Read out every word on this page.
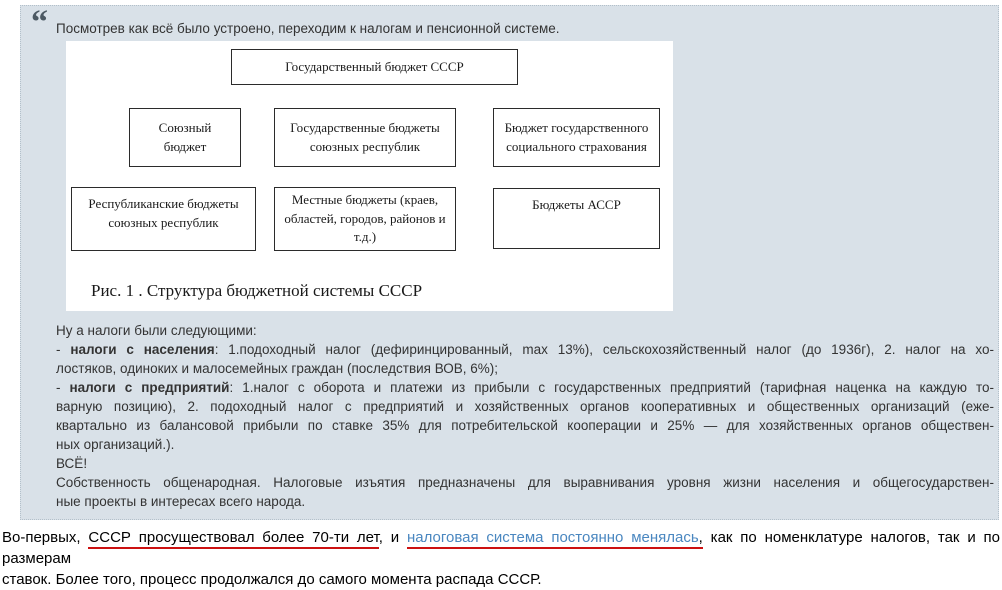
“ Посмотрев как всё было устроено, переходим к налогам и пенсионной системе.
Государственный бюджет СССР
Союзный бюджет
Государственные бюджеты союзных республик
Бюджет государственного социального страхования
Республиканские бюджеты союзных республик
Местные бюджеты (краев, областей, городов, районов и т.д.)
Бюджеты АССР
Рис. 1 . Структура бюджетной системы СССР
Ну а налоги были следующими:
- налоги с населения: 1.подоходный налог (дефиринцированный, max 13%), сельскохозяйственный налог (до 1936г), 2. налог на хо-
лостяков, одиноких и малосемейных граждан (последствия ВОВ, 6%);
- налоги с предприятий: 1.налог с оборота и платежи из прибыли с государственных предприятий (тарифная наценка на каждую то-
варную позицию), 2. подоходный налог с предприятий и хозяйственных органов кооперативных и общественных организаций (еже-
квартально из балансовой прибыли по ставке 35% для потребительской кооперации и 25% — для хозяйственных органов обществен-
ных организаций.).
ВСЁ!
Собственность общенародная. Налоговые изъятия предназначены для выравнивания уровня жизни населения и общегосударствен-
ные проекты в интересах всего народа.
Во-первых, СССР просуществовал более 70-ти лет, и налоговая система постоянно менялась, как по номенклатуре налогов, так и по размерам
ставок. Более того, процесс продолжался до самого момента распада СССР.
